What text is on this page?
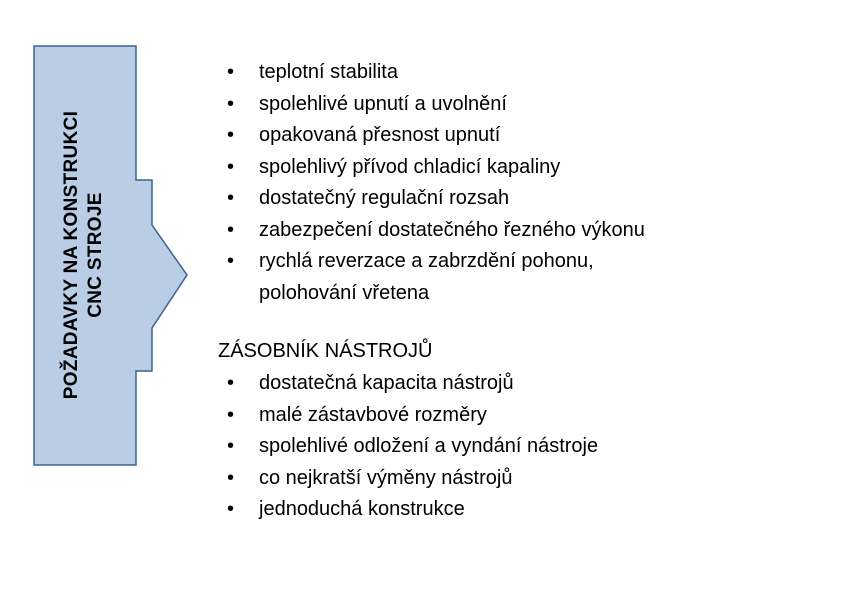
POŽADAVKY NA KONSTRUKCI CNC STROJE
• teplotní stabilita
• spolehlivé upnutí a uvolnění
• opakovaná přesnost upnutí
• spolehlivý přívod chladicí kapaliny
• dostatečný regulační rozsah
• zabezpečení dostatečného řezného výkonu
• rychlá reverzace a zabrzdění pohonu,
polohování vřetena
ZÁSOBNÍK NÁSTROJŮ
• dostatečná kapacita nástrojů
• malé zástavbové rozměry
• spolehlivé odložení a vyndání nástroje
• co nejkratší výměny nástrojů
• jednoduchá konstrukce
